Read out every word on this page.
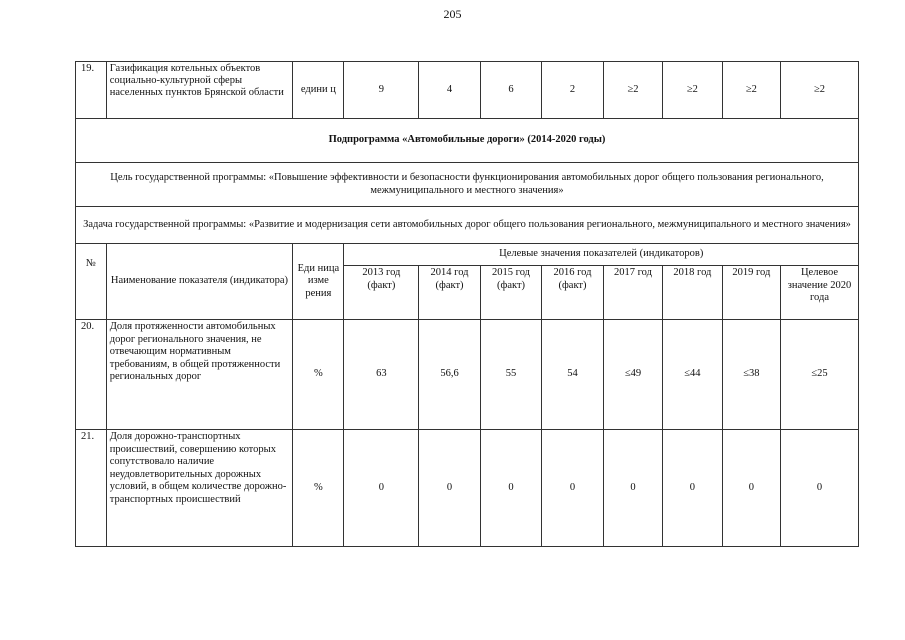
205
19.	Газификация котельных объектов социально-культурной сферы населенных пунктов Брянской области	едини ц	9	4	6	2	≥2	≥2	≥2	≥2
Подпрограмма «Автомобильные дороги» (2014-2020 годы)										
Цель государственной программы: «Повышение эффективности и безопасности функционирования автомобильных дорог общего пользования регионального, межмуниципального и местного значения»										
Задача государственной программы: «Развитие и модернизация сети автомобильных дорог общего пользования регионального, межмуниципального и местного значения»										
№	Наименование показателя (индикатора)	Еди ница изме рения	Целевые значения показателей (индикаторов)							
			2013 год (факт)	2014 год (факт)	2015 год (факт)	2016 год (факт)	2017 год	2018 год	2019 год	Целевое значение 2020 года
20.	Доля протяженности автомобильных дорог регионального значения, не отвечающим нормативным требованиям, в общей протяженности региональных дорог	%	63	56,6	55	54	≤49	≤44	≤38	≤25
21.	Доля дорожно-транспортных происшествий, совершению которых сопутствовало наличие неудовлетворительных дорожных условий, в общем количестве дорожно-транспортных происшествий	%	0	0	0	0	0	0	0	0
